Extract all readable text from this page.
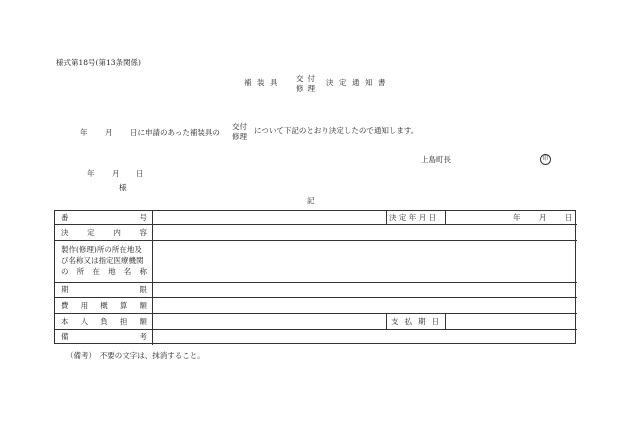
様式第18号(第13条関係)
補装具 交付
修理
決定通知書
年 月 日に申請のあった補装具の
交付
修理
について下記のとおり決定したので通知します。
上島町長	印
年 月 日
様
記
番	号	決定年月日	年 月 日
決 定 内 容
製作(修理)所の所在地及
び名称又は指定医療機関
の 所 在 地 名 称
期	限
費 用 概 算 額
本 人 負 担 額	支 払 期 日
備	考
（備考）　不要の文字は、抹消すること。
